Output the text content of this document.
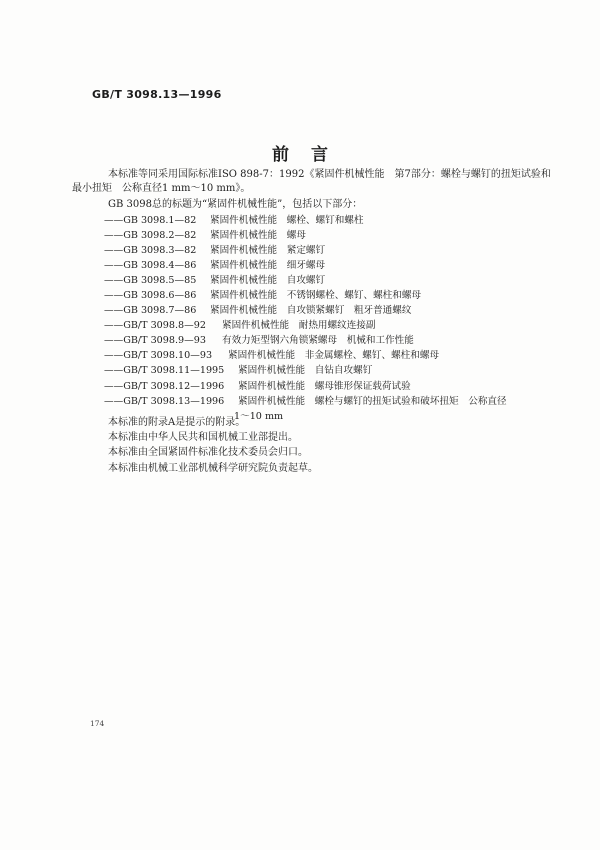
GB/T 3098.13—1996
前言

本标准等同采用国际标准ISO 898-7：1992《紧固件机械性能　第7部分：螺栓与螺钉的扭矩试验和

最小扭矩　公称直径1 mm～10 mm》。

GB 3098总的标题为“紧固件机械性能”，包括以下部分：
——GB 3098.1—82	紧固件机械性能　螺栓、螺钉和螺柱
——GB 3098.2—82	紧固件机械性能　螺母
——GB 3098.3—82	紧固件机械性能　紧定螺钉
——GB 3098.4—86	紧固件机械性能　细牙螺母
——GB 3098.5—85	紧固件机械性能　自攻螺钉
——GB 3098.6—86	紧固件机械性能　不锈钢螺栓、螺钉、螺柱和螺母
——GB 3098.7—86	紧固件机械性能　自攻锁紧螺钉　粗牙普通螺纹
——GB/T 3098.8—92	紧固件机械性能　耐热用螺纹连接副
——GB/T 3098.9—93	有效力矩型钢六角锁紧螺母　机械和工作性能
——GB/T 3098.10—93	紧固件机械性能　非金属螺栓、螺钉、螺柱和螺母
——GB/T 3098.11—1995	紧固件机械性能　自钻自攻螺钉
——GB/T 3098.12—1996	紧固件机械性能　螺母锥形保证载荷试验
——GB/T 3098.13—1996	紧固件机械性能　螺栓与螺钉的扭矩试验和破坏扭矩　公称直径
1～10 mm

本标准的附录A是提示的附录。

本标准由中华人民共和国机械工业部提出。

本标准由全国紧固件标准化技术委员会归口。

本标准由机械工业部机械科学研究院负责起草。

174
